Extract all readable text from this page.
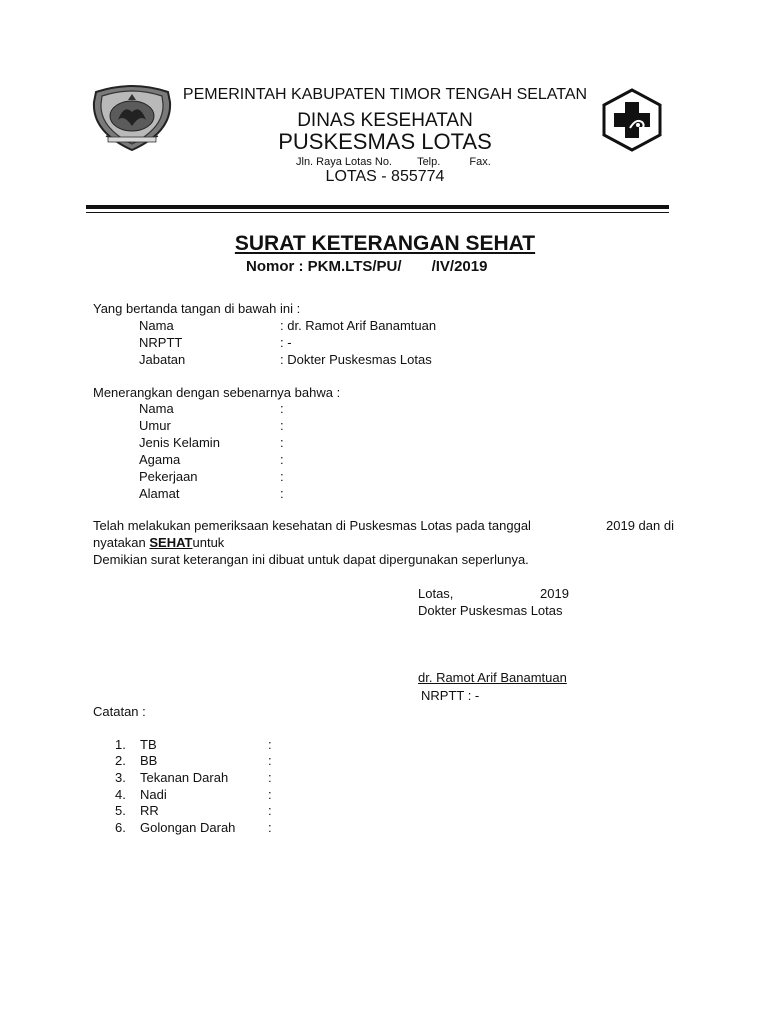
PEMERINTAH KABUPATEN TIMOR TENGAH SELATAN
DINAS KESEHATAN
PUSKESMAS LOTAS
Jln. Raya Lotas No. Telp.	Fax.
LOTAS - 855774
SURAT KETERANGAN SEHAT
Nomor : PKM.LTS/PU/ /IV/2019
Yang bertanda tangan di bawah ini :
Nama	: dr. Ramot Arif Banamtuan
NRPTT	: -
Jabatan	: Dokter Puskesmas Lotas
Menerangkan dengan sebenarnya bahwa :
Nama	:
Umur	:
Jenis Kelamin	:
Agama	:
Pekerjaan	:
Alamat	:
Telah melakukan pemeriksaan kesehatan di Puskesmas Lotas pada tanggal	2019 dan di
nyatakan SEHATuntuk
Demikian surat keterangan ini dibuat untuk dapat dipergunakan seperlunya.
Lotas,	2019
Dokter Puskesmas Lotas
dr. Ramot Arif Banamtuan
NRPTT : -
Catatan :
1. TB	:
2. BB	:
3. Tekanan Darah	:
4. Nadi	:
5. RR	:
6. Golongan Darah	:
